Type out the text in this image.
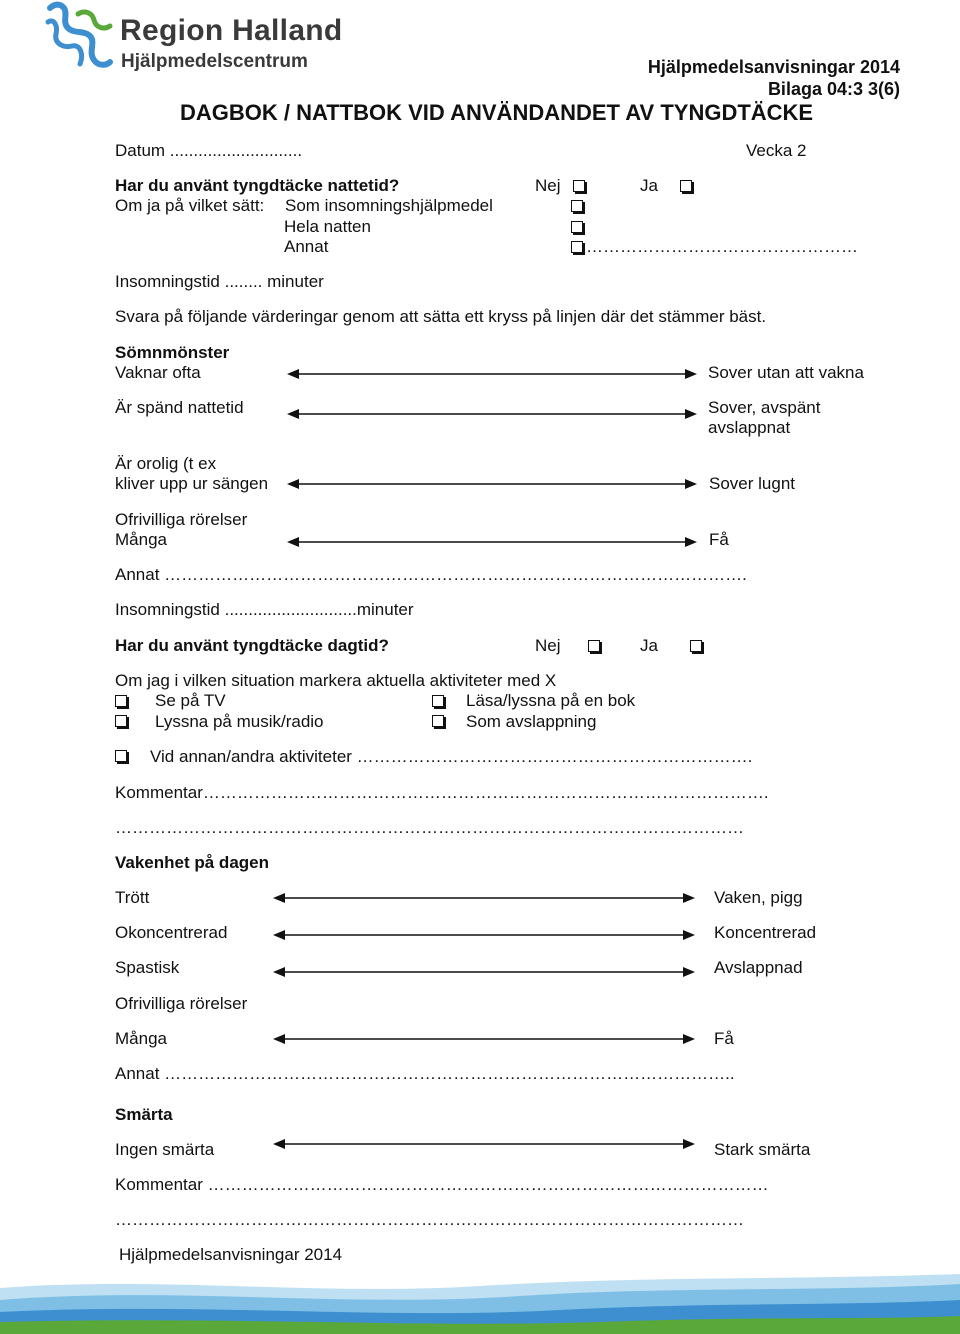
Region Halland
Hjälpmedelscentrum	Hjälpmedelsanvisningar 2014
Bilaga 04:3 3(6)
DAGBOK / NATTBOK VID ANVÄNDANDET AV TYNGDTÄCKE
Datum ............................	Vecka 2
Har du använt tyngdtäcke nattetid?	Nej	Ja
Om ja på vilket sätt: Som insomningshjälpmedel
Hela natten
Annat	…………………………………………
Insomningstid ........ minuter
Svara på följande värderingar genom att sätta ett kryss på linjen där det stämmer bäst.
Sömnmönster
Vaknar ofta	Sover utan att vakna
Är spänd nattetid	Sover, avspänt
avslappnat
Är orolig (t ex
kliver upp ur sängen	Sover lugnt
Ofrivilliga rörelser
Många	Få
Annat ………………………………………………………………………………………….
Insomningstid ............................minuter
Har du använt tyngdtäcke dagtid?	Nej	Ja
Om jag i vilken situation markera aktuella aktiviteter med X
Se på TV	Läsa/lyssna på en bok
Lyssna på musik/radio	Som avslappning
Vid annan/andra aktiviteter …………………………………………………………….
Kommentar……………………………………………………………………………………….
…………………………………………………………………………………………………
Vakenhet på dagen
Trött	Vaken, pigg
Okoncentrerad	Koncentrerad
Spastisk	Avslappnad
Ofrivilliga rörelser
Många	Få
Annat ………………………………………………………………………………………..
Smärta
Ingen smärta	Stark smärta
Kommentar ………………………………………………………………………………………
…………………………………………………………………………………………………
Hjälpmedelsanvisningar 2014
